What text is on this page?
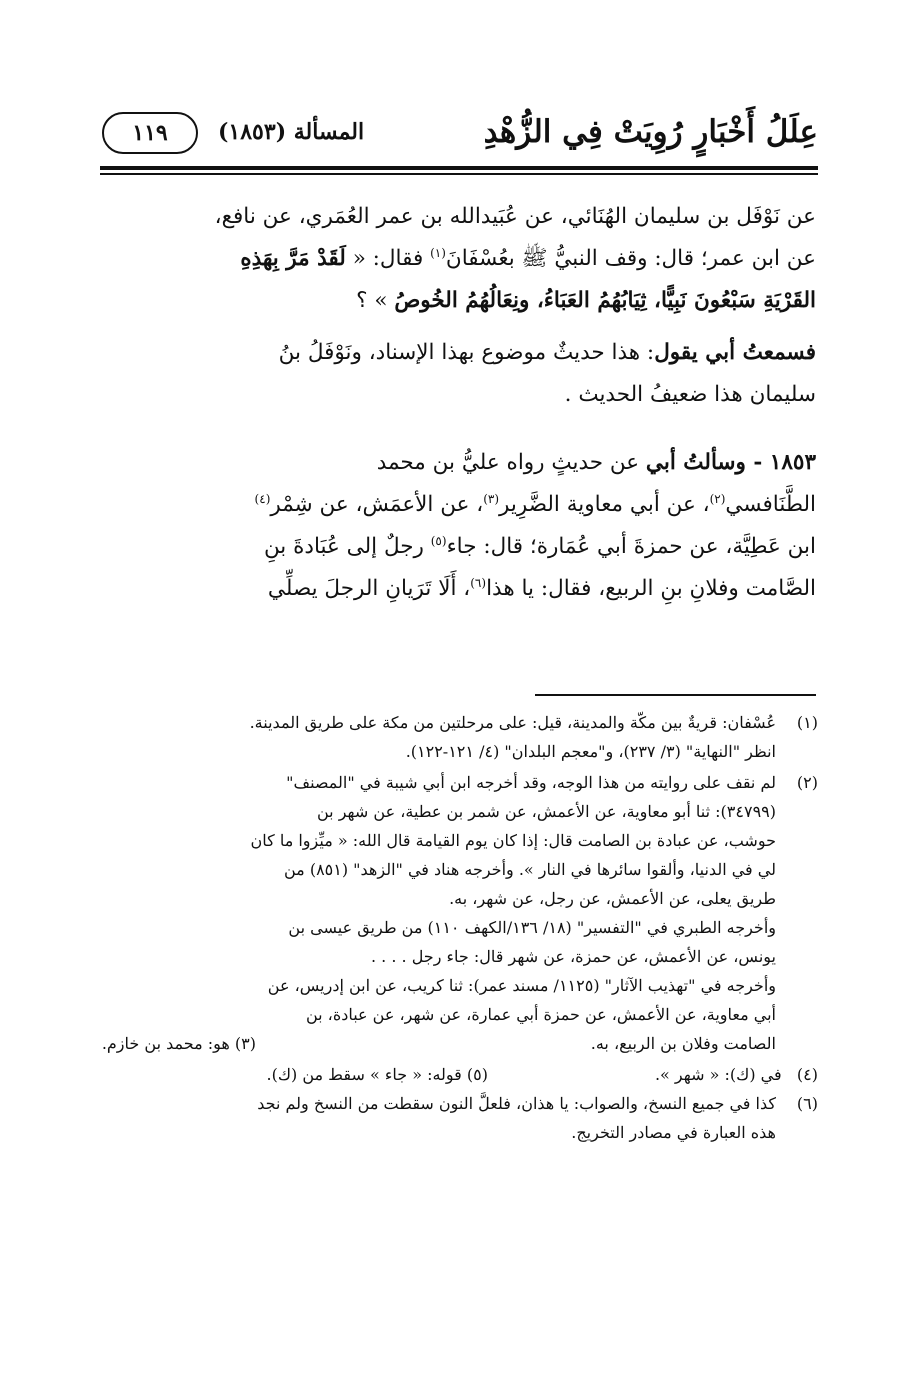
عِلَلُ أَخْبَارٍ رُوِيَتْ فِي الزُّهْدِ
المسألة (١٨٥٣)
١١٩

عن نَوْفَل بن سليمان الهُنَائي، عن عُبَيدالله بن عمر العُمَري، عن نافع،
عن ابن عمر؛ قال: وقف النبيُّ ﷺ بعُسْفَانَ$^{(١)}$ فقال: « لَقَدْ مَرَّ بِهَذِهِ
القَرْيَةِ سَبْعُونَ نَبِيًّا، ثِيَابُهُمُ العَبَاءُ، ونِعَالُهُمُ الخُوصُ » ؟

فسمعتُ أبي يقول: هذا حديثٌ موضوع بهذا الإسناد، ونَوْفَلُ بنُ
سليمان هذا ضعيفُ الحديث .

١٨٥٣ - وسألتُ أبي عن حديثٍ رواه عليُّ بن محمد
الطَّنَافسي$^{(٢)}$، عن أبي معاوية الضَّرِير$^{(٣)}$، عن الأعمَش، عن شِمْر$^{(٤)}$
ابن عَطِيَّة، عن حمزةَ أبي عُمَارة؛ قال: جاء$^{(٥)}$ رجلٌ إلى عُبَادةَ بنِ
الصَّامت وفلانِ بنِ الربيع، فقال: يا هذا$^{(٦)}$، أَلَا تَرَيانِ الرجلَ يصلِّي

(١)
عُسْفان: قريةٌ بين مكّة والمدينة، قيل: على مرحلتين من مكة على طريق المدينة.
انظر "النهاية" (٣/ ٢٣٧)، و"معجم البلدان" (٤/ ١٢١-١٢٢).
(٢)
لم نقف على روايته من هذا الوجه، وقد أخرجه ابن أبي شيبة في "المصنف"
(٣٤٧٩٩): ثنا أبو معاوية، عن الأعمش، عن شمر بن عطية، عن شهر بن
حوشب، عن عبادة بن الصامت قال: إذا كان يوم القيامة قال الله: « ميِّزوا ما كان
لي في الدنيا، وألقوا سائرها في النار ». وأخرجه هناد في "الزهد" (٨٥١) من
طريق يعلى، عن الأعمش، عن رجل، عن شهر، به.
وأخرجه الطبري في "التفسير" (١٨/ ١٣٦/الكهف ١١٠) من طريق عيسى بن
يونس، عن الأعمش، عن حمزة، عن شهر قال: جاء رجل . . . .
وأخرجه في "تهذيب الآثار" (١١٢٥/ مسند عمر): ثنا كريب، عن ابن إدريس، عن
أبي معاوية، عن الأعمش، عن حمزة أبي عمارة، عن شهر، عن عبادة، بن
الصامت وفلان بن الربيع، به.
(٣) هو: محمد بن خازم.
(٤)   في (ك): « شهر ».
(٥) قوله: « جاء » سقط من (ك).
(٦)
كذا في جميع النسخ، والصواب: يا هذان، فلعلَّ النون سقطت من النسخ ولم نجد
هذه العبارة في مصادر التخريج.
